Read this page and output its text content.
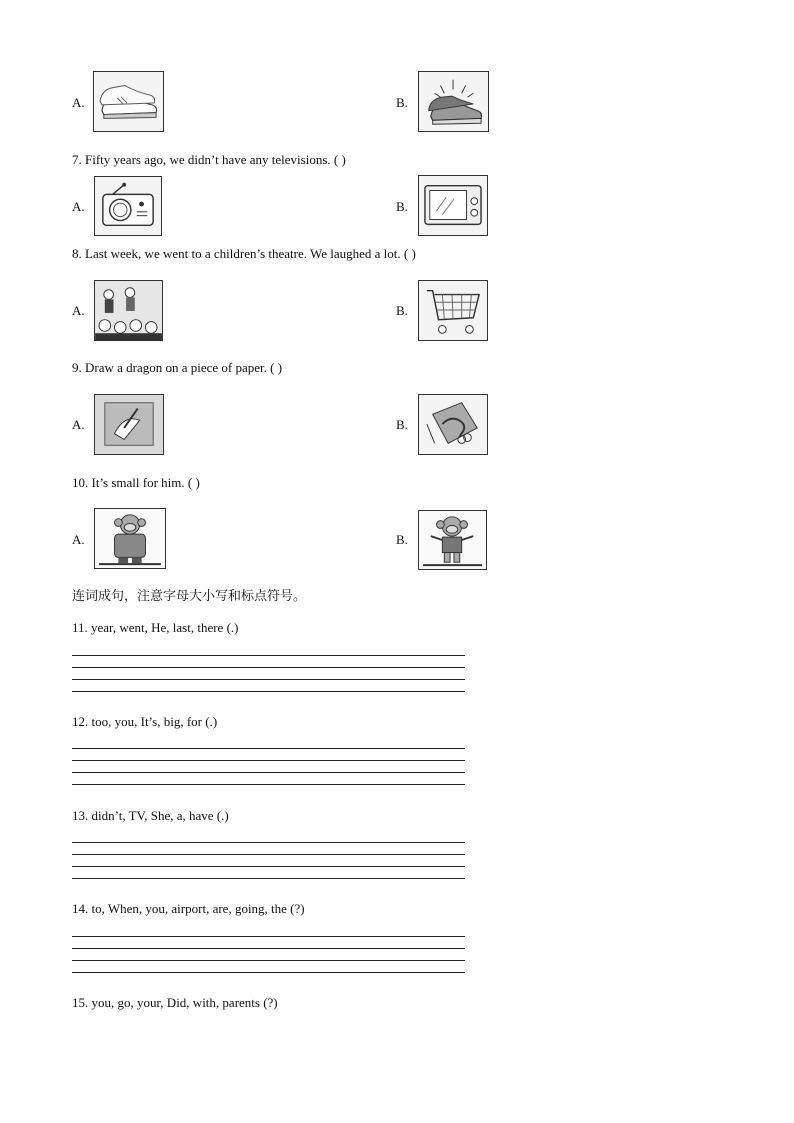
A.	B.
7. Fifty years ago, we didn’t have any televisions. ( )
A.	B.
8. Last week, we went to a children’s theatre. We laughed a lot. ( )
A.	B.
9. Draw a dragon on a piece of paper. ( )
A.	B.
10. It’s small for him. ( )
A.	B.
连词成句，注意字母大小写和标点符号。
11. year, went, He, last, there (.)
12. too, you, It’s, big, for (.)
13. didn’t, TV, She, a, have (.)
14. to, When, you, airport, are, going, the (?)
15. you, go, your, Did, with, parents (?)
